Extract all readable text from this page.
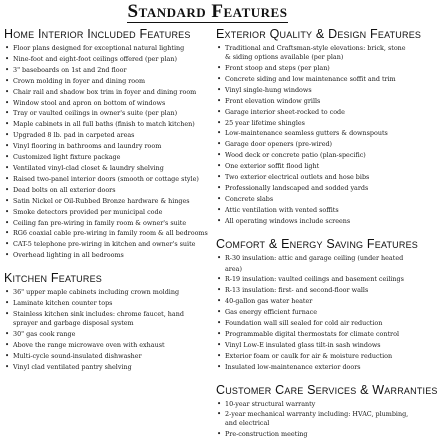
Standard Features
Home Interior Included Features
• Floor plans designed for exceptional natural lighting
• Nine-foot and eight-foot ceilings offered (per plan)
• 3" baseboards on 1st and 2nd floor
• Crown molding in foyer and dining room
• Chair rail and shadow box trim in foyer and dining room
• Window stool and apron on bottom of windows
• Tray or vaulted ceilings in owner's suite (per plan)
• Maple cabinets in all full baths (finish to match kitchen)
• Upgraded 8 lb. pad in carpeted areas
• Vinyl flooring in bathrooms and laundry room
• Customized light fixture package
• Ventilated vinyl-clad closet & laundry shelving
• Raised two-panel interior doors (smooth or cottage style)
• Dead bolts on all exterior doors
• Satin Nickel or Oil-Rubbed Bronze hardware & hinges
• Smoke detectors provided per municipal code
• Ceiling fan pre-wiring in family room & owner's suite
• RG6 coaxial cable pre-wiring in family room & all bedrooms
• CAT-5 telephone pre-wiring in kitchen and owner's suite
• Overhead lighting in all bedrooms
Kitchen Features
• 36" upper maple cabinets including crown molding
• Laminate kitchen counter tops
• Stainless kitchen sink includes: chrome faucet, hand sprayer and garbage disposal system
• 30" gas cook range
• Above the range microwave oven with exhaust
• Multi-cycle sound-insulated dishwasher
• Vinyl clad ventilated pantry shelving
Exterior Quality & Design Features
• Traditional and Craftsman-style elevations: brick, stone & siding options available (per plan)
• Front stoop and steps (per plan)
• Concrete siding and low maintenance soffit and trim
• Vinyl single-hung windows
• Front elevation window grills
• Garage interior sheet-rocked to code
• 25 year lifetime shingles
• Low-maintenance seamless gutters & downspouts
• Garage door openers (pre-wired)
• Wood deck or concrete patio (plan-specific)
• One exterior soffit flood light
• Two exterior electrical outlets and hose bibs
• Professionally landscaped and sodded yards
• Concrete slabs
• Attic ventilation with vented soffits
• All operating windows include screens
Comfort & Energy Saving Features
• R-30 insulation: attic and garage ceiling (under heated area)
• R-19 insulation: vaulted ceilings and basement ceilings
• R-13 insulation: first- and second-floor walls
• 40-gallon gas water heater
• Gas energy efficient furnace
• Foundation wall sill sealed for cold air reduction
• Programmable digital thermostats for climate control
• Vinyl Low-E insulated glass tilt-in sash windows
• Exterior foam or caulk for air & moisture reduction
• Insulated low-maintenance exterior doors
Customer Care Services & Warranties
• 10-year structural warranty
• 2-year mechanical warranty including: HVAC, plumbing, and electrical
• Pre-construction meeting
